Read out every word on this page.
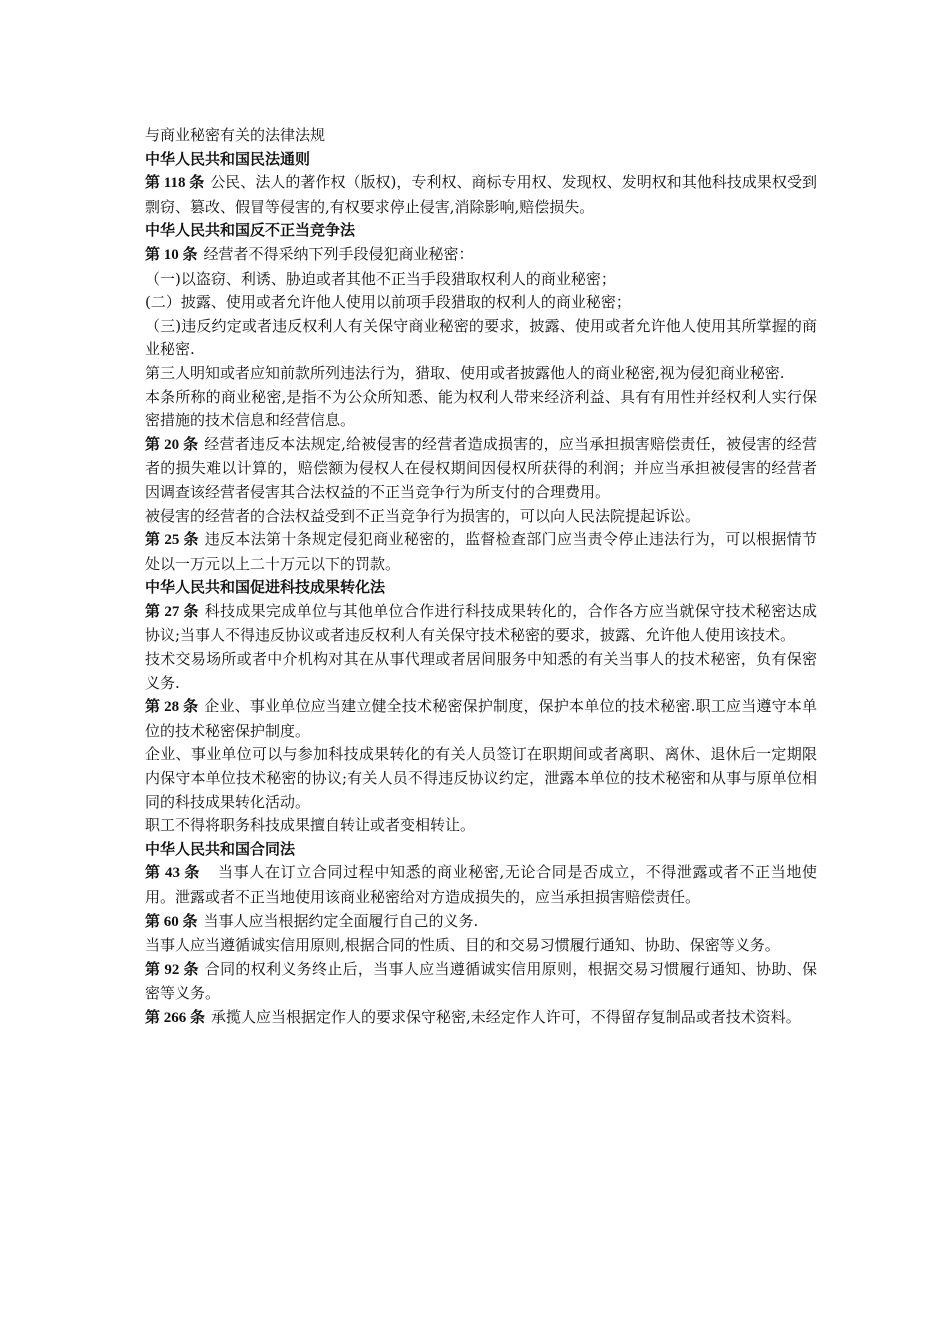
与商业秘密有关的法律法规

中华人民共和国民法通则

第 118 条 公民、法人的著作权（版权)，专利权、商标专用权、发现权、发明权和其他科技成果权受到剽窃、篡改、假冒等侵害的,有权要求停止侵害,消除影响,赔偿损失。

中华人民共和国反不正当竞争法

第 10 条 经营者不得采纳下列手段侵犯商业秘密：

（一)以盗窃、利诱、胁迫或者其他不正当手段猎取权利人的商业秘密；

(二）披露、使用或者允许他人使用以前项手段猎取的权利人的商业秘密；

（三)违反约定或者违反权利人有关保守商业秘密的要求，披露、使用或者允许他人使用其所掌握的商业秘密.

第三人明知或者应知前款所列违法行为，猎取、使用或者披露他人的商业秘密,视为侵犯商业秘密.

本条所称的商业秘密,是指不为公众所知悉、能为权利人带来经济利益、具有有用性并经权利人实行保密措施的技术信息和经营信息。

第 20 条 经营者违反本法规定,给被侵害的经营者造成损害的，应当承担损害赔偿责任，被侵害的经营者的损失难以计算的，赔偿额为侵权人在侵权期间因侵权所获得的利润；并应当承担被侵害的经营者因调查该经营者侵害其合法权益的不正当竞争行为所支付的合理费用。

被侵害的经营者的合法权益受到不正当竞争行为损害的，可以向人民法院提起诉讼。

第 25 条 违反本法第十条规定侵犯商业秘密的，监督检查部门应当责令停止违法行为，可以根据情节处以一万元以上二十万元以下的罚款。

中华人民共和国促进科技成果转化法

第 27 条 科技成果完成单位与其他单位合作进行科技成果转化的，合作各方应当就保守技术秘密达成协议;当事人不得违反协议或者违反权利人有关保守技术秘密的要求，披露、允许他人使用该技术。

技术交易场所或者中介机构对其在从事代理或者居间服务中知悉的有关当事人的技术秘密，负有保密义务.

第 28 条 企业、事业单位应当建立健全技术秘密保护制度，保护本单位的技术秘密.职工应当遵守本单位的技术秘密保护制度。

企业、事业单位可以与参加科技成果转化的有关人员签订在职期间或者离职、离休、退休后一定期限内保守本单位技术秘密的协议;有关人员不得违反协议约定，泄露本单位的技术秘密和从事与原单位相同的科技成果转化活动。

职工不得将职务科技成果擅自转让或者变相转让。

中华人民共和国合同法

第 43 条 当事人在订立合同过程中知悉的商业秘密,无论合同是否成立，不得泄露或者不正当地使用。泄露或者不正当地使用该商业秘密给对方造成损失的，应当承担损害赔偿责任。

第 60 条 当事人应当根据约定全面履行自己的义务.

当事人应当遵循诚实信用原则,根据合同的性质、目的和交易习惯履行通知、协助、保密等义务。

第 92 条 合同的权利义务终止后，当事人应当遵循诚实信用原则，根据交易习惯履行通知、协助、保密等义务。

第 266 条 承揽人应当根据定作人的要求保守秘密,未经定作人许可，不得留存复制品或者技术资料。
